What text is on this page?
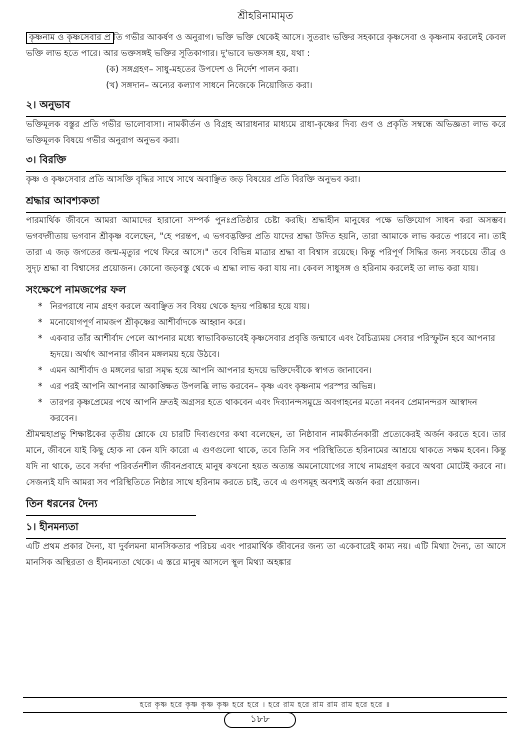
শ্রীহরিনামামৃত

কৃষ্ণনাম ও কৃষ্ণসেবার প্র তি গভীর আকর্ষণ ও অনুরাগ। ভক্তি ভক্তি থেকেই আসে। সুতরাং ভক্তির সহকারে কৃষ্ণসেবা ও কৃষ্ণনাম করলেই কেবল ভক্তি লাভ হতে পারে। আর ভক্তসঙ্গই ভক্তির সূতিকাগার। দু'ভাবে ভক্তসঙ্গ হয়, যথা :

(ক) সঙ্গগ্রহণ– সাধু-মহতের উপদেশ ও নির্দেশ পালন করা।
(খ) সঙ্গদান– অন্যের কল্যাণ সাধনে নিজেকে নিয়োজিত করা।
২। অনুভাব

ভক্তিমূলক বস্তুর প্রতি গভীর ভালোবাসা। নামকীর্তন ও বিগ্রহ আরাধনার মাধ্যমে রাধা-কৃষ্ণের দিব্য গুণ ও প্রকৃতি সম্বন্ধে অভিজ্ঞতা লাভ করে ভক্তিমূলক বিষয়ে গভীর অনুরাগ অনুভব করা।

৩। বিরক্তি

কৃষ্ণ ও কৃষ্ণসেবার প্রতি আসক্তি বৃদ্ধির সাথে সাথে অবাঞ্ছিত জড় বিষয়ের প্রতি বিরক্তি অনুভব করা।

শ্রদ্ধার আবশ্যকতা

পারমার্থিক জীবনে আমরা আমাদের হারানো সম্পর্ক পুনঃপ্রতিষ্ঠার চেষ্টা করছি। শ্রদ্ধাহীন মানুষের পক্ষে ভক্তিযোগ সাধন করা অসম্ভব। ভগবদ্গীতায় ভগবান শ্রীকৃষ্ণ বলেছেন, "হে পরন্তপ, এ ভগবদ্ভক্তির প্রতি যাদের শ্রদ্ধা উদিত হয়নি, তারা আমাকে লাভ করতে পারবে না। তাই তারা এ জড় জগতের জন্ম-মৃত্যুর পথে ফিরে আসে।" তবে বিভিন্ন মাত্রার শ্রদ্ধা বা বিশ্বাস রয়েছে। কিন্তু পরিপূর্ণ সিদ্ধির জন্য সবচেয়ে তীব্র ও সুদৃঢ় শ্রদ্ধা বা বিশ্বাসের প্রয়োজন। কোনো জড়বস্তু থেকে এ শ্রদ্ধা লাভ করা যায় না। কেবল সাধুসঙ্গ ও হরিনাম করলেই তা লাভ করা যায়।

সংক্ষেপে নামজপের ফল
* নিরপরাধে নাম গ্রহণ করলে অবাঞ্ছিত সব বিষয় থেকে হৃদয় পরিষ্কার হয়ে যায়।
* মনোযোগপূর্ণ নামজপ শ্রীকৃষ্ণের আশীর্বাদকে আহ্বান করে।
* একবার তাঁর আশীর্বাদ পেলে আপনার মধ্যে স্বাভাবিকভাবেই কৃষ্ণসেবার প্রবৃত্তি জন্মাবে এবং বৈচিত্র্যময় সেবার পরিস্ফুটন হবে আপনার হৃদয়ে। অর্থাৎ আপনার জীবন মঙ্গলময় হয়ে উঠবে।
* এমন আশীর্বাদ ও মঙ্গলের দ্বারা সমৃদ্ধ হয়ে আপনি আপনার হৃদয়ে ভক্তিদেবীকে স্বাগত জানাবেন।
* এর পরই আপনি আপনার আকাঙ্ক্ষিত উপলব্ধি লাভ করবেন– কৃষ্ণ এবং কৃষ্ণনাম পরস্পর অভিন্ন।
* তারপর কৃষ্ণপ্রেমের পথে আপনি দ্রুতই অগ্রসর হতে থাকবেন এবং দিব্যানন্দসমুদ্রে অবগাহনের মতো নবনব প্রেমানন্দরস আস্বাদন করবেন।

শ্রীমন্মহাপ্রভু শিক্ষাষ্টকের তৃতীয় শ্লোকে যে চারটি দিব্যগুণের কথা বলেছেন, তা নিষ্ঠাবান নামকীর্তনকারী প্রত্যেকেরই অর্জন করতে হবে। তার মানে, জীবনে যাই কিছু হোক না কেন যদি কারো এ গুণগুলো থাকে, তবে তিনি সব পরিস্থিতিতে হরিনামের আশ্রয়ে থাকতে সক্ষম হবেন। কিন্তু যদি না থাকে, তবে সর্বদা পরিবর্তনশীল জীবনপ্রবাহে মানুষ কখনো হয়ত অত্যন্ত অমনোযোগের সাথে নামগ্রহণ করবে অথবা মোটেই করবে না। সেজন্যই যদি আমরা সব পরিস্থিতিতে নিষ্ঠার সাথে হরিনাম করতে চাই, তবে এ গুণসমূহ অবশ্যই অর্জন করা প্রয়োজন।

তিন ধরনের দৈন্য
১। হীনমন্যতা

এটি প্রথম প্রকার দৈন্য, যা দুর্বলমনা মানসিকতার পরিচয় এবং পারমার্থিক জীবনের জন্য তা একেবারেই কাম্য নয়। এটি মিথ্যা দৈন্য, তা আসে মানসিক অস্থিরতা ও হীনমন্যতা থেকে। এ স্তরে মানুষ আসলে স্থূল মিথ্যা অহঙ্কার

হরে কৃষ্ণ হরে কৃষ্ণ কৃষ্ণ কৃষ্ণ হরে হরে । হরে রাম হরে রাম রাম রাম হরে হরে ॥
১৮৮
